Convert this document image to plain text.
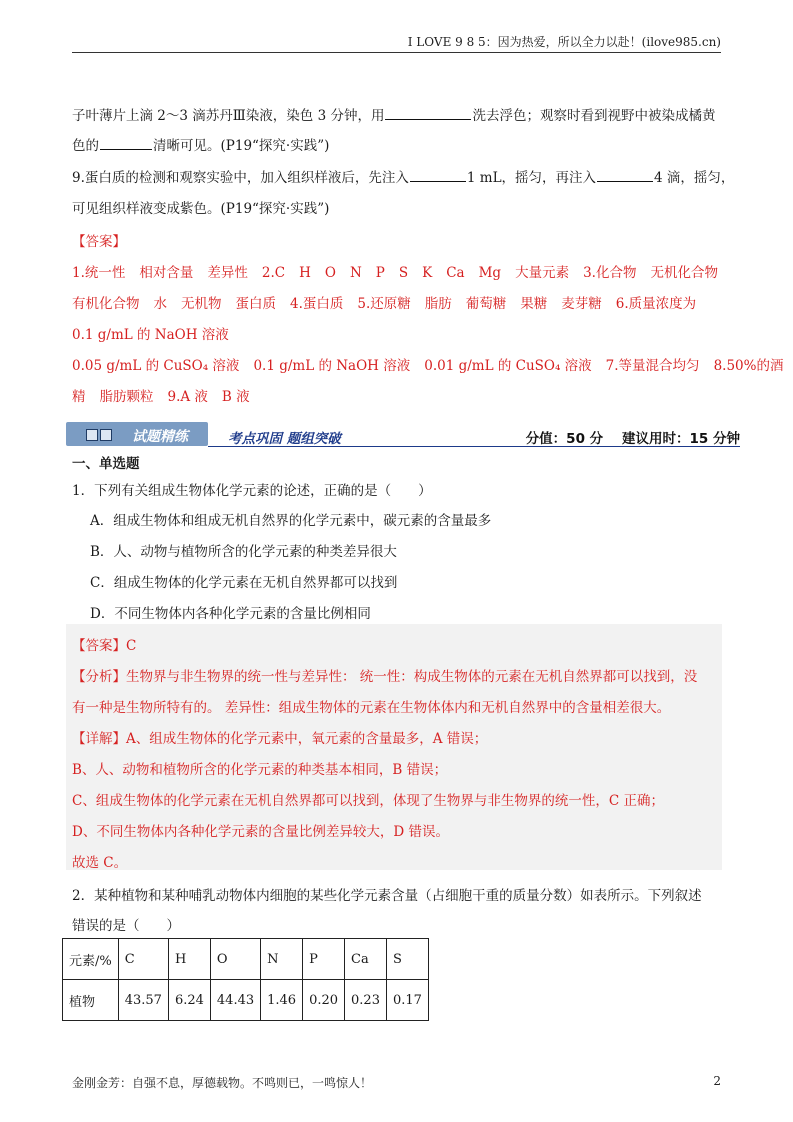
I LOVE 9 8 5：因为热爱，所以全力以赴！(ilove985.cn)
子叶薄片上滴 2～3 滴苏丹Ⅲ染液，染色 3 分钟，用	洗去浮色；观察时看到视野中被染成橘黄
色的	清晰可见。(P19“探究·实践”)
9.蛋白质的检测和观察实验中，加入组织样液后，先注入	1 mL，摇匀，再注入	4 滴，摇匀，
可见组织样液变成紫色。(P19“探究·实践”)
【答案】
1.统一性 相对含量 差异性 2.C H O N P S K Ca Mg 大量元素 3.化合物 无机化合物
有机化合物 水 无机物 蛋白质 4.蛋白质 5.还原糖 脂肪 葡萄糖 果糖 麦芽糖 6.质量浓度为
0.1 g/mL 的 NaOH 溶液
0.05 g/mL 的 CuSO₄ 溶液 0.1 g/mL 的 NaOH 溶液 0.01 g/mL 的 CuSO₄ 溶液 7.等量混合均匀 8.50%的酒
精 脂肪颗粒 9.A 液 B 液
试题精练	考点巩固 题组突破	分值：50 分 建议用时：15 分钟
一、单选题
1．下列有关组成生物体化学元素的论述，正确的是（　　）
A．组成生物体和组成无机自然界的化学元素中，碳元素的含量最多
B．人、动物与植物所含的化学元素的种类差异很大
C．组成生物体的化学元素在无机自然界都可以找到
D．不同生物体内各种化学元素的含量比例相同
【答案】C
【分析】生物界与非生物界的统一性与差异性： 统一性：构成生物体的元素在无机自然界都可以找到，没
有一种是生物所特有的。 差异性：组成生物体的元素在生物体体内和无机自然界中的含量相差很大。
【详解】A、组成生物体的化学元素中，氧元素的含量最多，A 错误；
B、人、动物和植物所含的化学元素的种类基本相同，B 错误；
C、组成生物体的化学元素在无机自然界都可以找到，体现了生物界与非生物界的统一性，C 正确；
D、不同生物体内各种化学元素的含量比例差异较大，D 错误。
故选 C。
2．某种植物和某种哺乳动物体内细胞的某些化学元素含量（占细胞干重的质量分数）如表所示。下列叙述
错误的是（　　）
元素/%	C	H	O	N	P	Ca	S
植物	43.57	6.24	44.43	1.46	0.20	0.23	0.17
金刚金芳：自强不息，厚德载物。不鸣则已，一鸣惊人！	2
